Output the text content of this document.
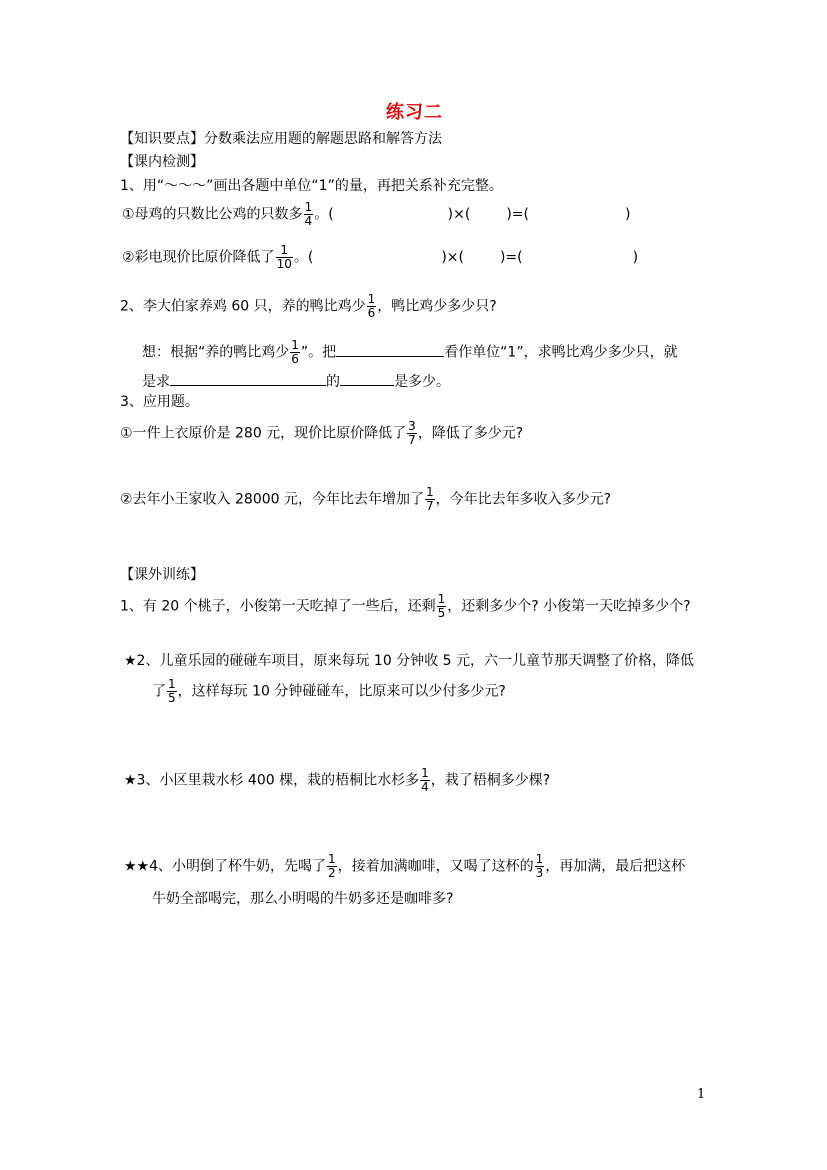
练习二
【知识要点】分数乘法应用题的解题思路和解答方法
【课内检测】
1、用“～～～”画出各题中单位“1”的量，再把关系补充完整。
①母鸡的只数比公鸡的只数多 $\frac{1}{4}$ 。(	)×(	)=(	)
②彩电现价比原价降低了 $\frac{1}{10}$ 。(	)×(	)=(	)
2、李大伯家养鸡 60 只，养的鸭比鸡少 $\frac{1}{6}$ ，鸭比鸡少多少只?
想：根据“养的鸭比鸡少 $\frac{1}{6}$ ”。把	看作单位“1”，求鸭比鸡少多少只，就
是求	的	是多少。
3、应用题。
①一件上衣原价是 280 元，现价比原价降低了 $\frac{3}{7}$ ，降低了多少元?
②去年小王家收入 28000 元，今年比去年增加了 $\frac{1}{7}$ ，今年比去年多收入多少元?
【课外训练】
1、有 20 个桃子，小俊第一天吃掉了一些后，还剩 $\frac{1}{5}$ ，还剩多少个? 小俊第一天吃掉多少个?
★2、儿童乐园的碰碰车项目，原来每玩 10 分钟收 5 元，六一儿童节那天调整了价格，降低
了 $\frac{1}{5}$ ，这样每玩 10 分钟碰碰车，比原来可以少付多少元?
★3、小区里栽水杉 400 棵，栽的梧桐比水杉多 $\frac{1}{4}$ ，栽了梧桐多少棵?
★★4、小明倒了杯牛奶，先喝了 $\frac{1}{2}$ ，接着加满咖啡，又喝了这杯的 $\frac{1}{3}$ ，再加满，最后把这杯
牛奶全部喝完，那么小明喝的牛奶多还是咖啡多?
1
